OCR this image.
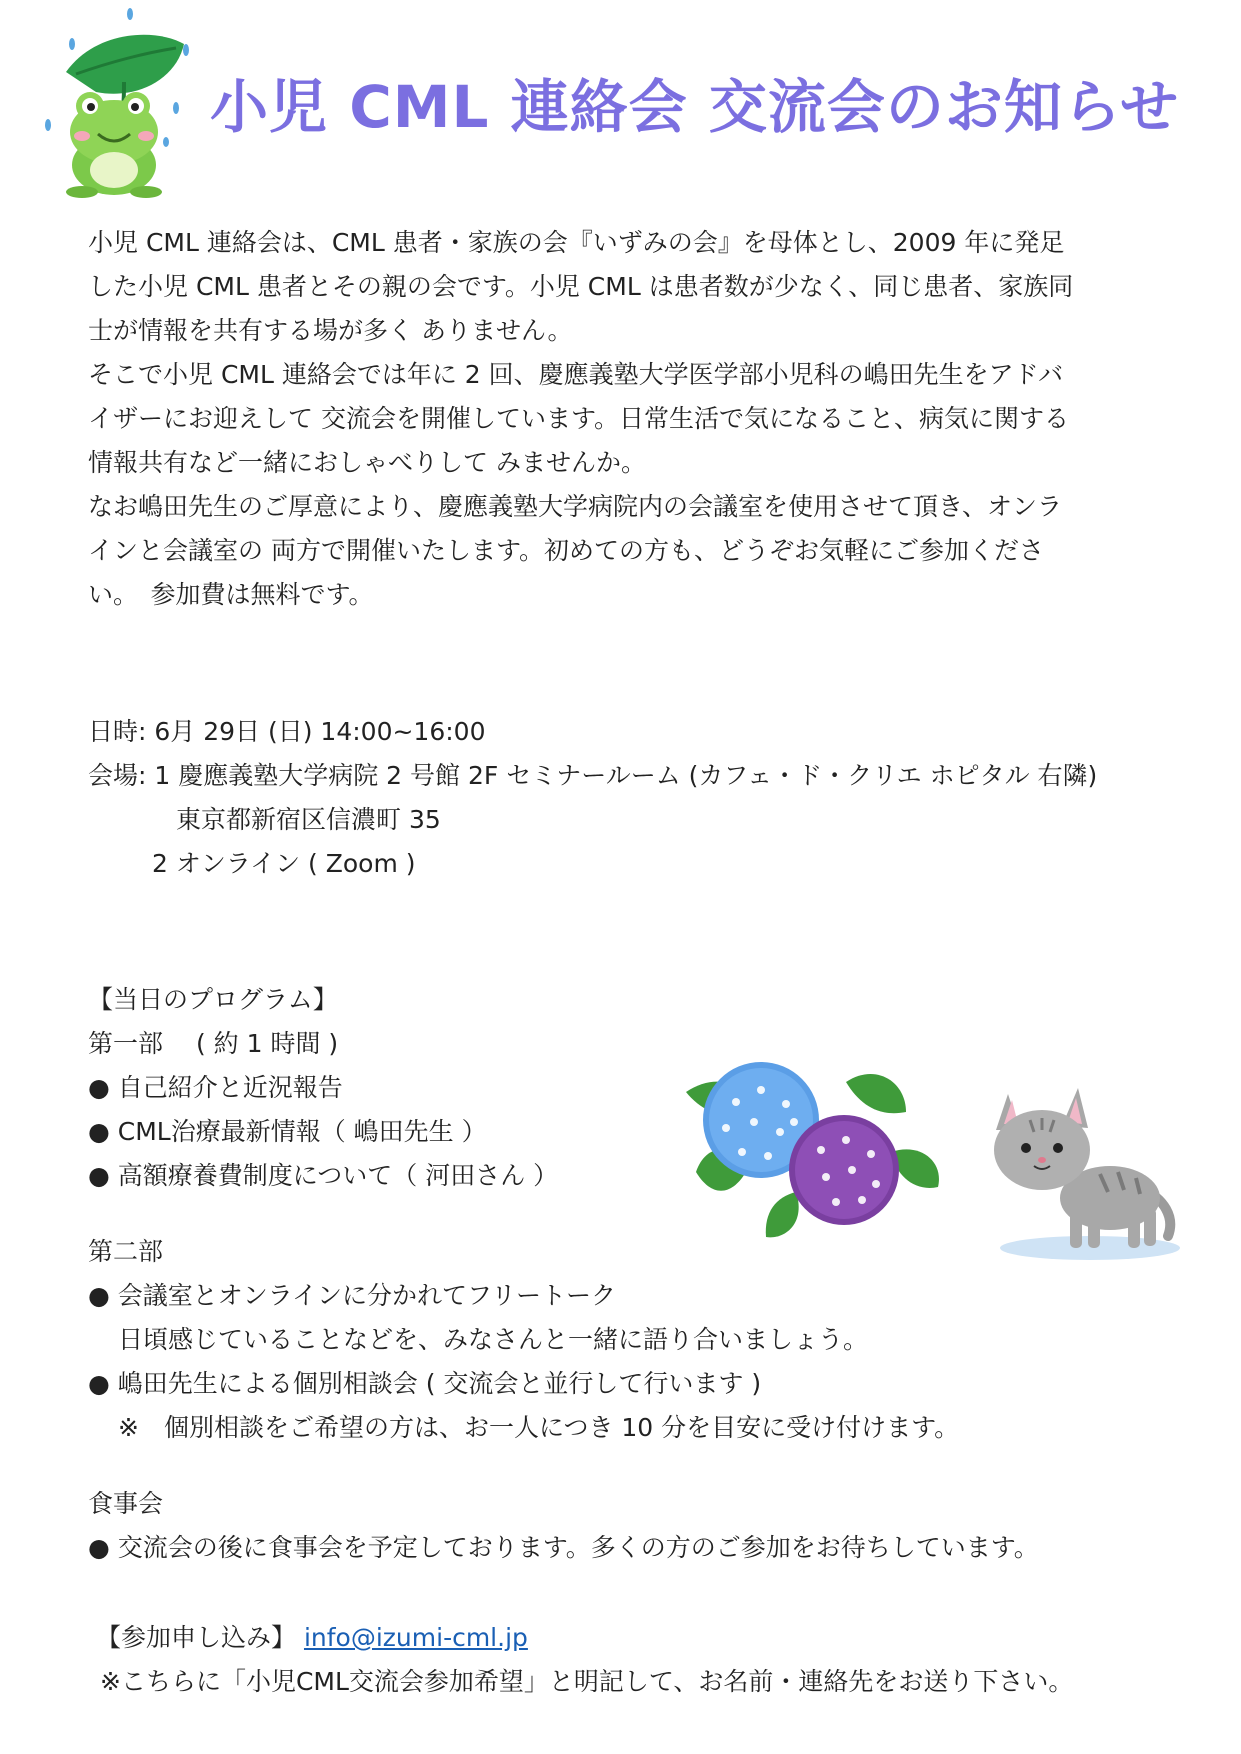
小児 CML 連絡会 交流会のお知らせ
小児 CML 連絡会は、CML 患者・家族の会『いずみの会』を母体とし、2009 年に発足
した小児 CML 患者とその親の会です。小児 CML は患者数が少なく、同じ患者、家族同
士が情報を共有する場が多く ありません。
そこで小児 CML 連絡会では年に 2 回、慶應義塾大学医学部小児科の嶋田先生をアドバ
イザーにお迎えして 交流会を開催しています。日常生活で気になること、病気に関する
情報共有など一緒におしゃべりして みませんか。
なお嶋田先生のご厚意により、慶應義塾大学病院内の会議室を使用させて頂き、オンラ
インと会議室の 両方で開催いたします。初めての方も、どうぞお気軽にご参加くださ
い。　参加費は無料です。
日時: 6月 29日 (日) 14:00~16:00
会場: 1 慶應義塾大学病院 2 号館 2F セミナールーム (カフェ・ド・クリエ ホピタル 右隣)
東京都新宿区信濃町 35
2 オンライン ( Zoom )
【当日のプログラム】
第一部　 ( 約 1 時間 )
● 自己紹介と近況報告
● CML治療最新情報（ 嶋田先生 ）
● 高額療養費制度について（ 河田さん ）
第二部
● 会議室とオンラインに分かれてフリートーク
日頃感じていることなどを、みなさんと一緒に語り合いましょう。
● 嶋田先生による個別相談会 ( 交流会と並行して行います )
※　個別相談をご希望の方は、お一人につき 10 分を目安に受け付けます。
食事会
● 交流会の後に食事会を予定しております。多くの方のご参加をお待ちしています。
【参加申し込み】 info@izumi-cml.jp
※こちらに「小児CML交流会参加希望」と明記して、お名前・連絡先をお送り下さい。
